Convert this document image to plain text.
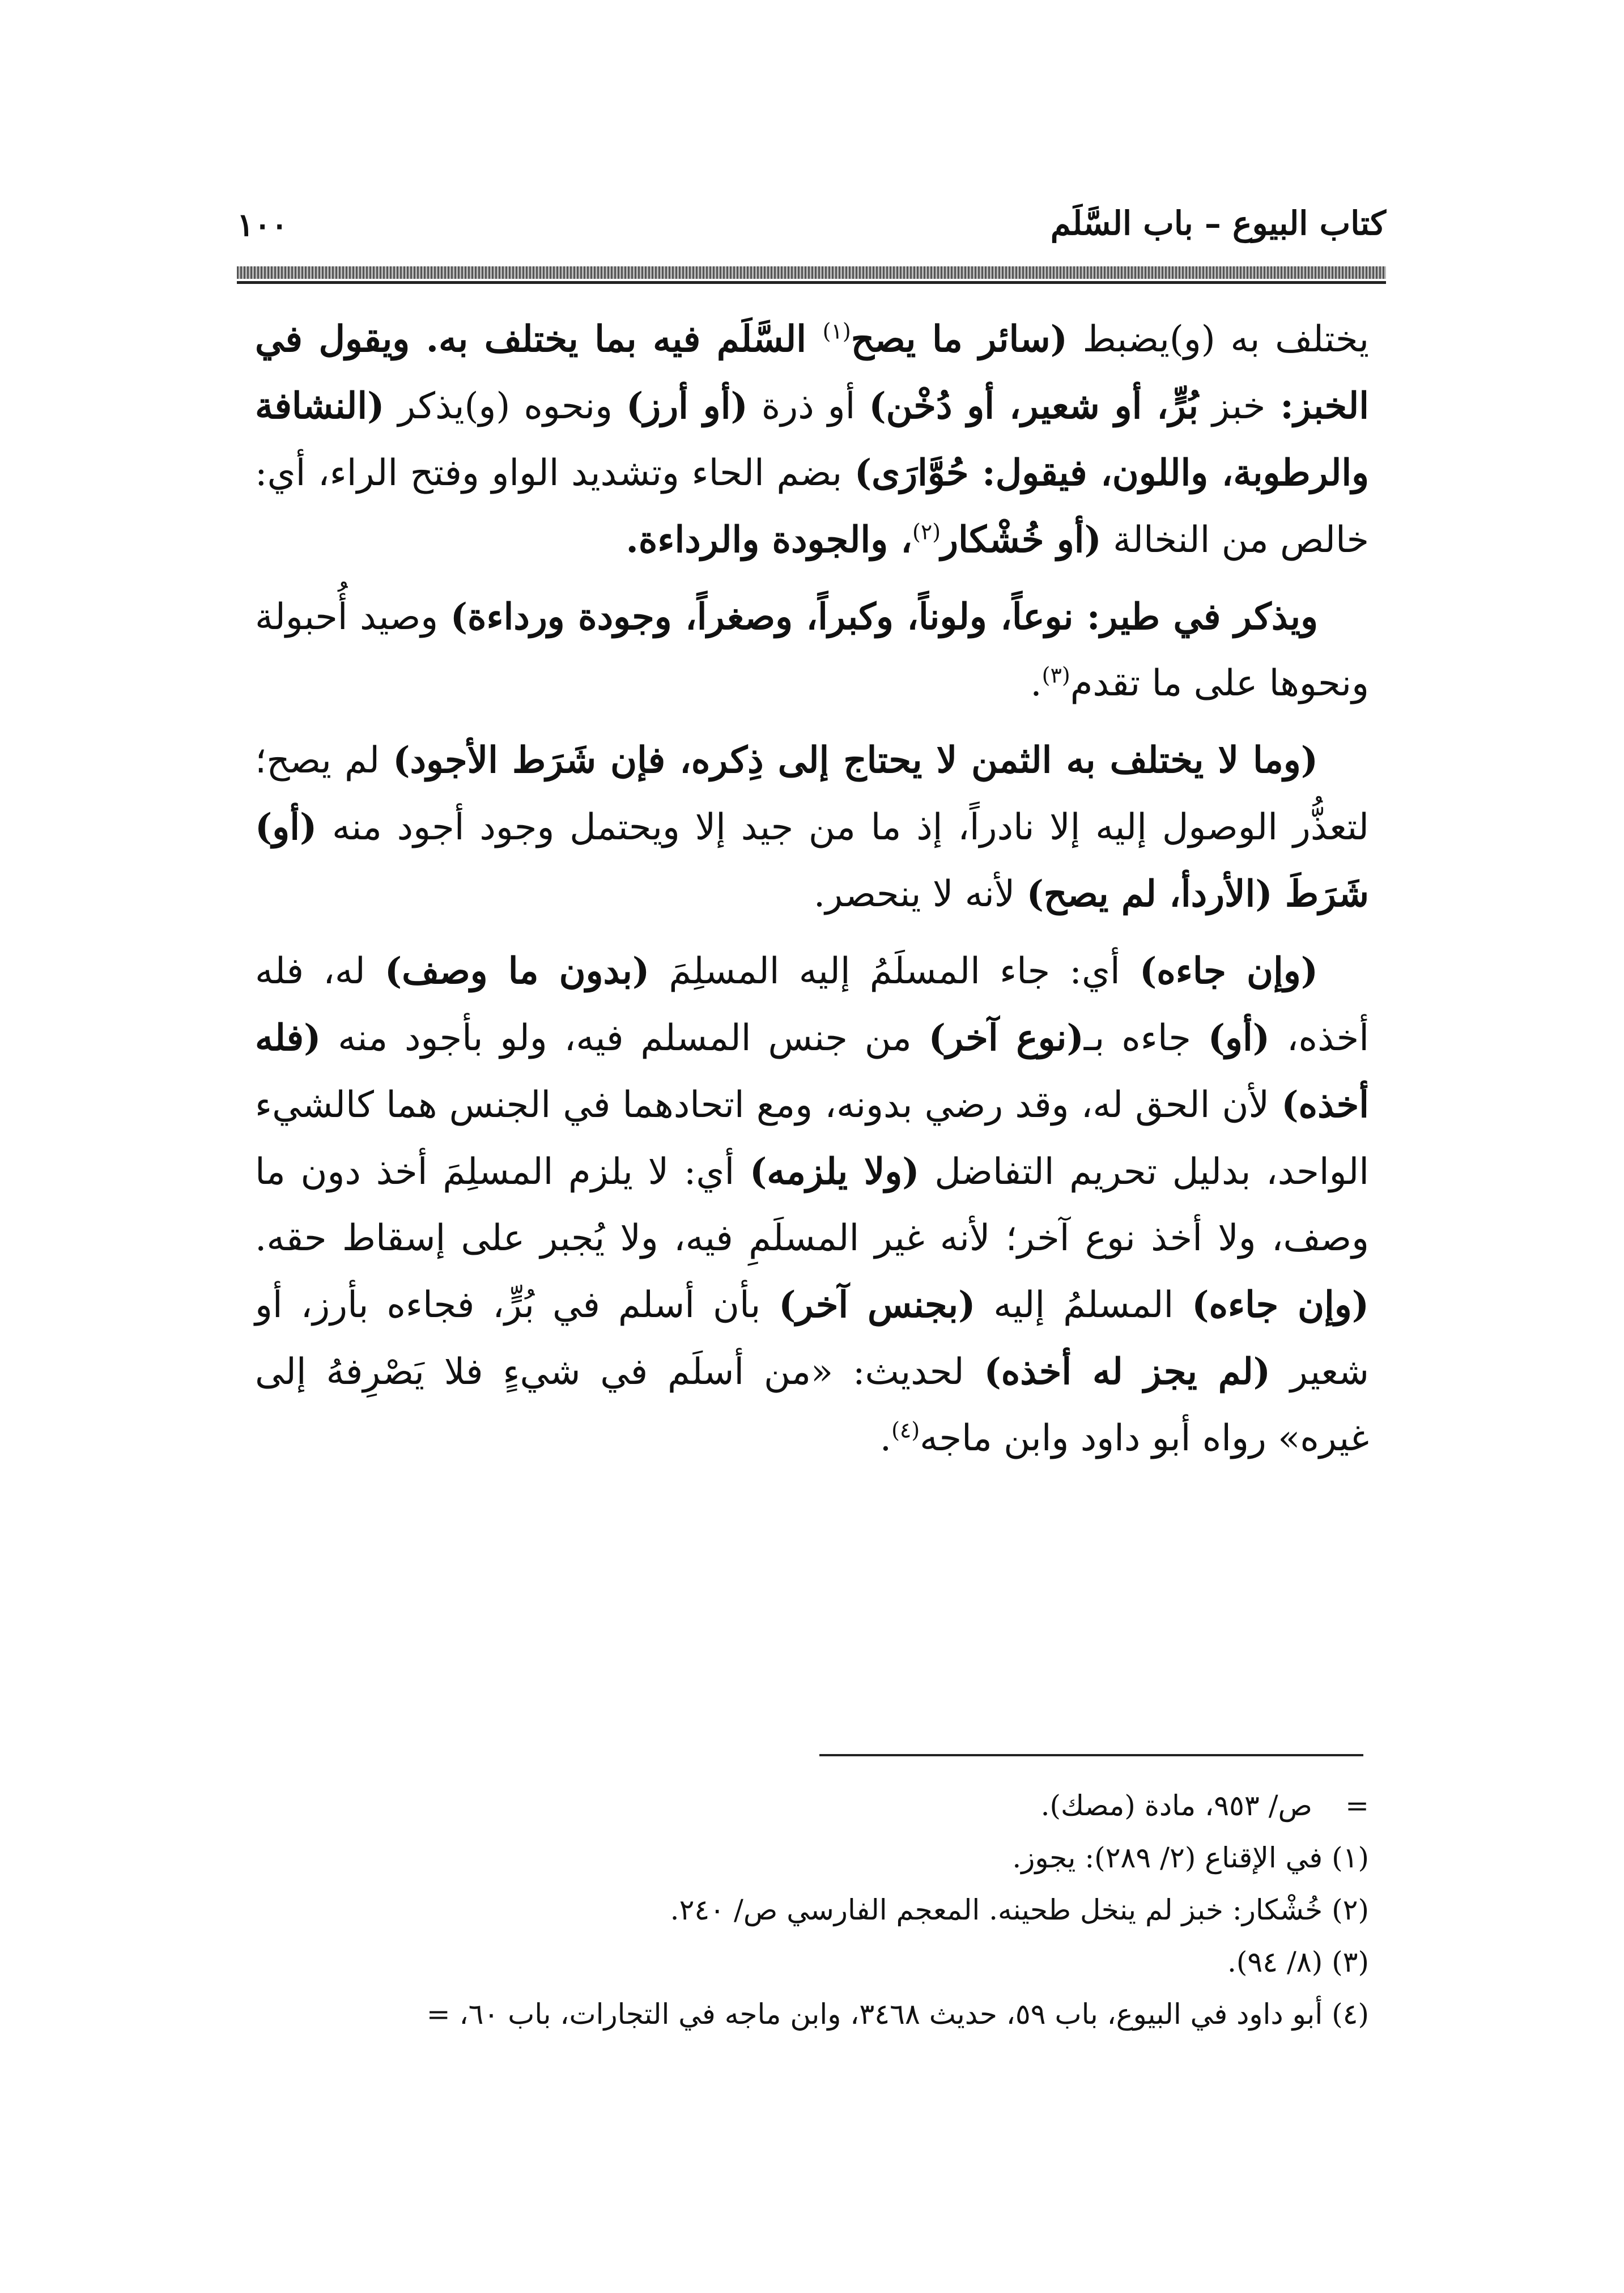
كتاب البيوع – باب السَّلَم
١٠٠

يختلف به (و)يضبط (سائر ما يصح$^{(١)}$ السَّلَم فيه بما يختلف به. ويقول في الخبز: خبز بُرٍّ، أو شعير، أو دُخْن) أو ذرة (أو أرز) ونحوه (و)يذكر (النشافة والرطوبة، واللون، فيقول: حُوَّارَى) بضم الحاء وتشديد الواو وفتح الراء، أي: خالص من النخالة (أو خُشْكار$^{(٢)}$، والجودة والرداءة.

ويذكر في طير: نوعاً، ولوناً، وكبراً، وصغراً، وجودة ورداءة) وصيد أُحبولة ونحوها على ما تقدم$^{(٣)}$.

(وما لا يختلف به الثمن لا يحتاج إلى ذِكره، فإن شَرَط الأجود) لم يصح؛ لتعذُّر الوصول إليه إلا نادراً، إذ ما من جيد إلا ويحتمل وجود أجود منه (أو) شَرَطَ (الأردأ، لم يصح) لأنه لا ينحصر.

(وإن جاءه) أي: جاء المسلَمُ إليه المسلِمَ (بدون ما وصف) له، فله أخذه، (أو) جاءه بـ(نوع آخر) من جنس المسلم فيه، ولو بأجود منه (فله أخذه) لأن الحق له، وقد رضي بدونه، ومع اتحادهما في الجنس هما كالشيء الواحد، بدليل تحريم التفاضل (ولا يلزمه) أي: لا يلزم المسلِمَ أخذ دون ما وصف، ولا أخذ نوع آخر؛ لأنه غير المسلَمِ فيه، ولا يُجبر على إسقاط حقه. (وإن جاءه) المسلمُ إليه (بجنس آخر) بأن أسلم في بُرٍّ، فجاءه بأرز، أو شعير (لم يجز له أخذه) لحديث: «من أسلَم في شيءٍ فلا يَصْرِفهُ إلى غيره» رواه أبو داود وابن ماجه$^{(٤)}$.

=ص/ ٩٥٣، مادة (مصك).

(١) في الإقناع (٢/ ٢٨٩): يجوز.

(٢) خُشْكار: خبز لم ينخل طحينه. المعجم الفارسي ص/ ٢٤٠.

(٣) (٨/ ٩٤).

(٤) أبو داود في البيوع، باب ٥٩، حديث ٣٤٦٨، وابن ماجه في التجارات، باب ٦٠، =
